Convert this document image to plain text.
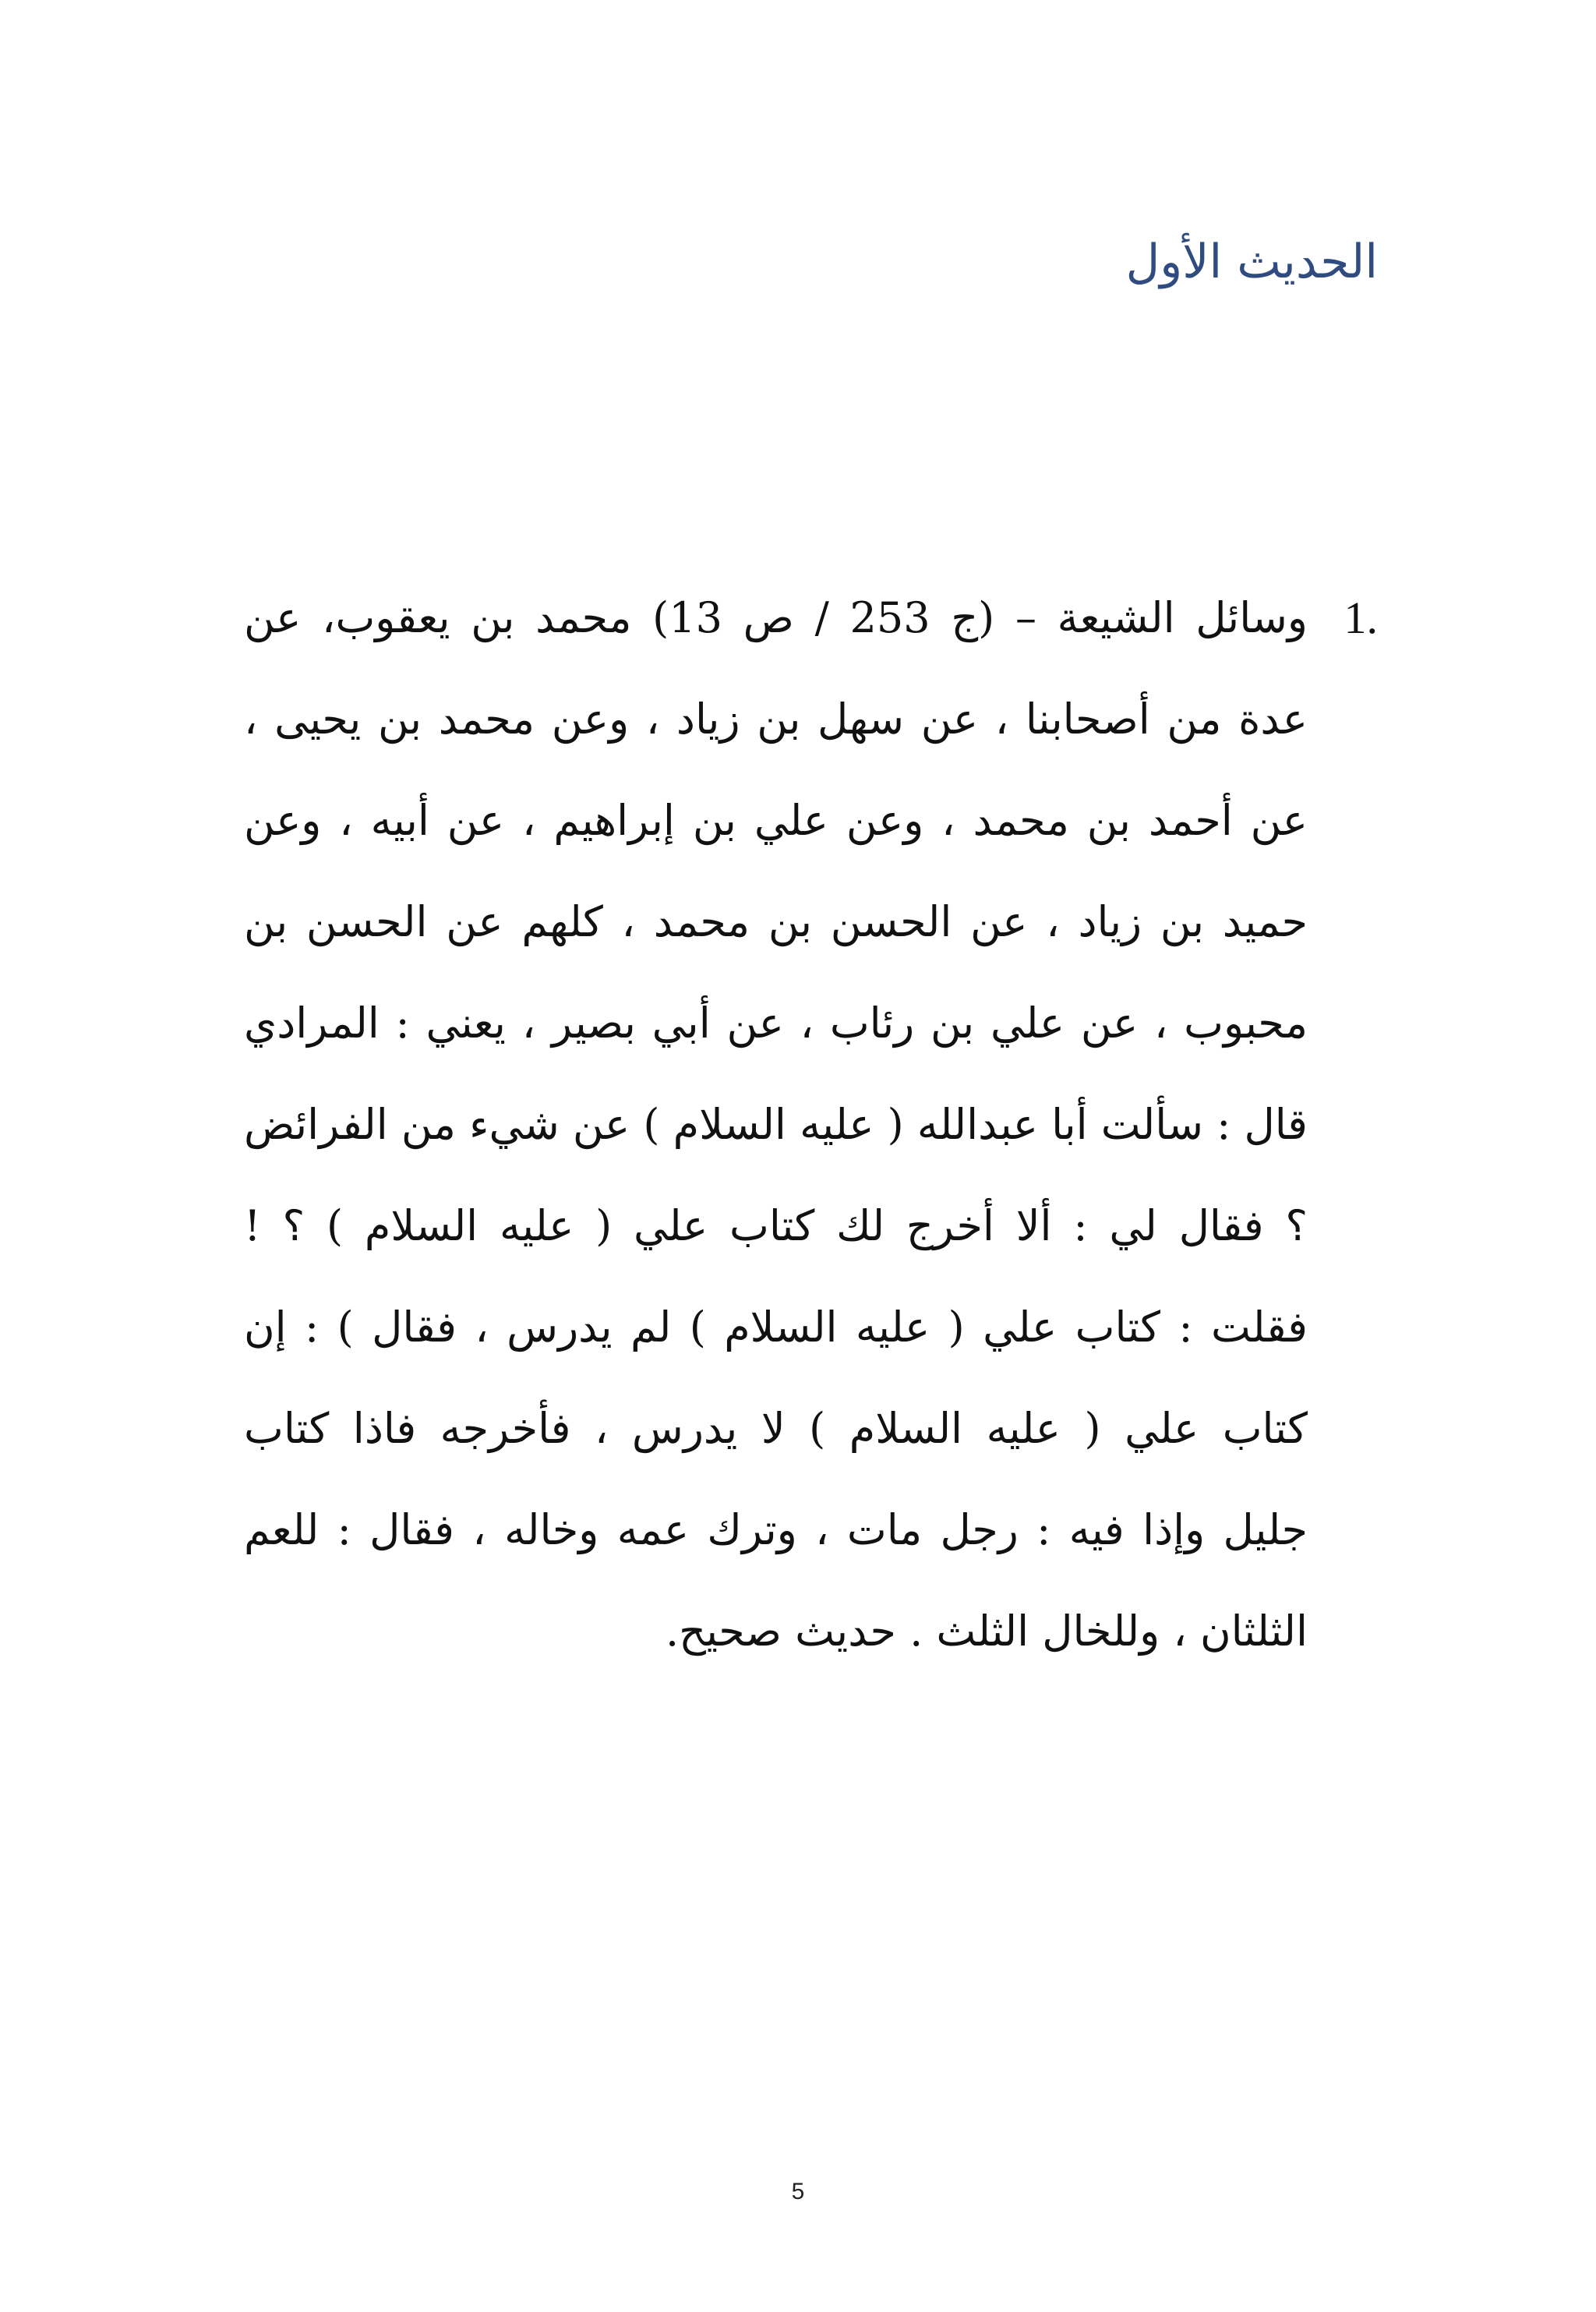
الحديث الأول
1.
وسائل الشيعة – (ج 253 / ص 13) محمد بن يعقوب، عن
عدة من أصحابنا ، عن سهل بن زياد ، وعن محمد بن يحيى ،
عن أحمد بن محمد ، وعن علي بن إبراهيم ، عن أبيه ، وعن
حميد بن زياد ، عن الحسن بن محمد ، كلهم عن الحسن بن
محبوب ، عن علي بن رئاب ، عن أبي بصير ، يعني : المرادي
قال : سألت أبا عبدالله ( عليه السلام ) عن شيء من الفرائض
؟ فقال لي : ألا أخرج لك كتاب علي ( عليه السلام ) ؟ !
فقلت : كتاب علي ( عليه السلام ) لم يدرس ، فقال ) : إن
كتاب علي ( عليه السلام ) لا يدرس ، فأخرجه فاذا كتاب
جليل وإذا فيه : رجل مات ، وترك عمه وخاله ، فقال : للعم
الثلثان ، وللخال الثلث . حديث صحيح.
5
